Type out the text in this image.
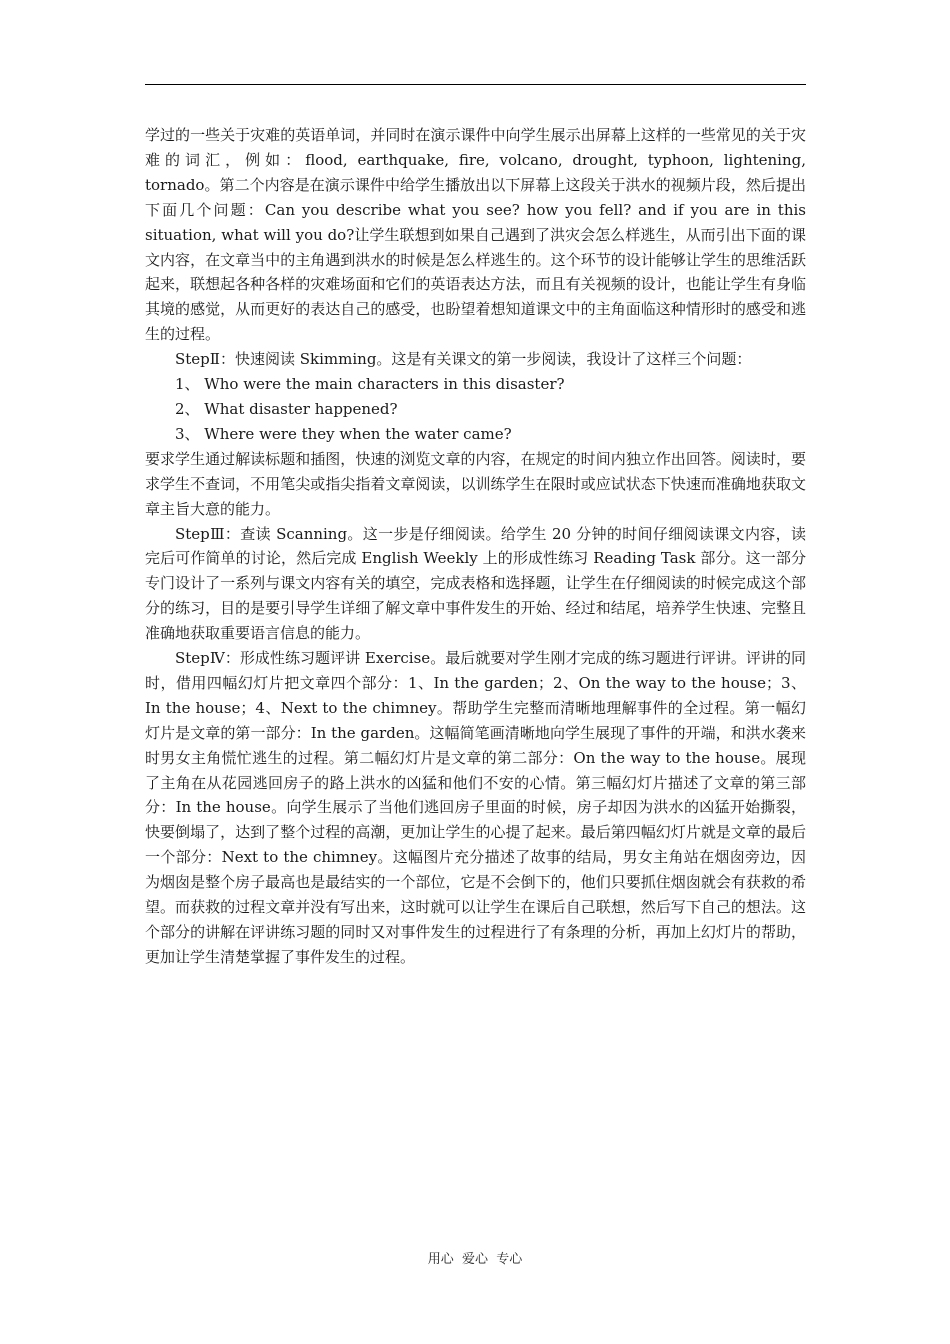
学过的一些关于灾难的英语单词，并同时在演示课件中向学生展示出屏幕上这样的一些常见的关于灾难的词汇，例如：flood, earthquake, fire, volcano, drought, typhoon, lightening, tornado。第二个内容是在演示课件中给学生播放出以下屏幕上这段关于洪水的视频片段，然后提出下面几个问题：Can you describe what you see? how you fell? and if you are in this situation, what will you do?让学生联想到如果自己遇到了洪灾会怎么样逃生，从而引出下面的课文内容，在文章当中的主角遇到洪水的时候是怎么样逃生的。这个环节的设计能够让学生的思维活跃起来，联想起各种各样的灾难场面和它们的英语表达方法，而且有关视频的设计，也能让学生有身临其境的感觉，从而更好的表达自己的感受，也盼望着想知道课文中的主角面临这种情形时的感受和逃生的过程。

StepⅡ：快速阅读 Skimming。这是有关课文的第一步阅读，我设计了这样三个问题：

1、 Who were the main characters in this disaster?

2、 What disaster happened?

3、 Where were they when the water came?

要求学生通过解读标题和插图，快速的浏览文章的内容，在规定的时间内独立作出回答。阅读时，要求学生不查词，不用笔尖或指尖指着文章阅读，以训练学生在限时或应试状态下快速而准确地获取文章主旨大意的能力。

StepⅢ：查读 Scanning。这一步是仔细阅读。给学生 20 分钟的时间仔细阅读课文内容，读完后可作简单的讨论，然后完成 English Weekly 上的形成性练习 Reading Task 部分。这一部分专门设计了一系列与课文内容有关的填空，完成表格和选择题，让学生在仔细阅读的时候完成这个部分的练习，目的是要引导学生详细了解文章中事件发生的开始、经过和结尾，培养学生快速、完整且准确地获取重要语言信息的能力。

StepⅣ：形成性练习题评讲 Exercise。最后就要对学生刚才完成的练习题进行评讲。评讲的同时，借用四幅幻灯片把文章四个部分：1、In the garden；2、On the way to the house；3、In the house；4、Next to the chimney。帮助学生完整而清晰地理解事件的全过程。第一幅幻灯片是文章的第一部分：In the garden。这幅简笔画清晰地向学生展现了事件的开端，和洪水袭来时男女主角慌忙逃生的过程。第二幅幻灯片是文章的第二部分：On the way to the house。展现了主角在从花园逃回房子的路上洪水的凶猛和他们不安的心情。第三幅幻灯片描述了文章的第三部分：In the house。向学生展示了当他们逃回房子里面的时候，房子却因为洪水的凶猛开始撕裂，快要倒塌了，达到了整个过程的高潮，更加让学生的心提了起来。最后第四幅幻灯片就是文章的最后一个部分：Next to the chimney。这幅图片充分描述了故事的结局，男女主角站在烟囱旁边，因为烟囱是整个房子最高也是最结实的一个部位，它是不会倒下的，他们只要抓住烟囱就会有获救的希望。而获救的过程文章并没有写出来，这时就可以让学生在课后自己联想，然后写下自己的想法。这个部分的讲解在评讲练习题的同时又对事件发生的过程进行了有条理的分析，再加上幻灯片的帮助，更加让学生清楚掌握了事件发生的过程。

用心  爱心  专心
